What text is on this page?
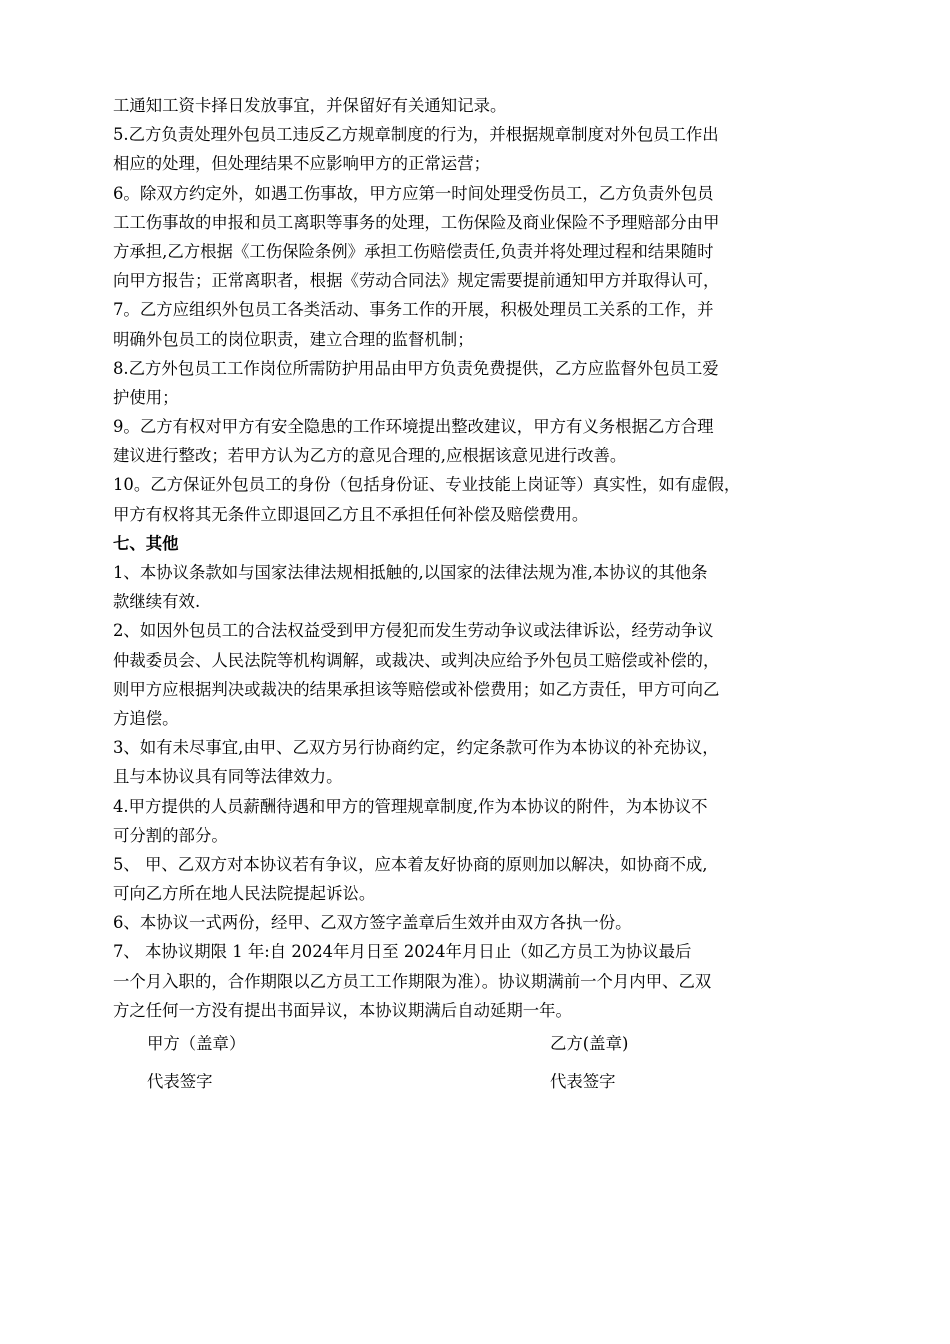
工通知工资卡择日发放事宜，并保留好有关通知记录。
5.乙方负责处理外包员工违反乙方规章制度的行为，并根据规章制度对外包员工作出
相应的处理，但处理结果不应影响甲方的正常运营；
6。除双方约定外，如遇工伤事故，甲方应第一时间处理受伤员工，乙方负责外包员
工工伤事故的申报和员工离职等事务的处理，工伤保险及商业保险不予理赔部分由甲
方承担,乙方根据《工伤保险条例》承担工伤赔偿责任,负责并将处理过程和结果随时
向甲方报告；正常离职者，根据《劳动合同法》规定需要提前通知甲方并取得认可，
7。乙方应组织外包员工各类活动、事务工作的开展，积极处理员工关系的工作，并
明确外包员工的岗位职责，建立合理的监督机制；
8.乙方外包员工工作岗位所需防护用品由甲方负责免费提供，乙方应监督外包员工爱
护使用；
9。乙方有权对甲方有安全隐患的工作环境提出整改建议，甲方有义务根据乙方合理
建议进行整改；若甲方认为乙方的意见合理的,应根据该意见进行改善。
10。乙方保证外包员工的身份（包括身份证、专业技能上岗证等）真实性，如有虚假，
甲方有权将其无条件立即退回乙方且不承担任何补偿及赔偿费用。
七、其他
1、本协议条款如与国家法律法规相抵触的,以国家的法律法规为准,本协议的其他条
款继续有效.
2、如因外包员工的合法权益受到甲方侵犯而发生劳动争议或法律诉讼，经劳动争议
仲裁委员会、人民法院等机构调解，或裁决、或判决应给予外包员工赔偿或补偿的，
则甲方应根据判决或裁决的结果承担该等赔偿或补偿费用；如乙方责任，甲方可向乙
方追偿。
3、如有未尽事宜,由甲、乙双方另行协商约定，约定条款可作为本协议的补充协议，
且与本协议具有同等法律效力。
4.甲方提供的人员薪酬待遇和甲方的管理规章制度,作为本协议的附件，为本协议不
可分割的部分。
5、 甲、乙双方对本协议若有争议，应本着友好协商的原则加以解决，如协商不成,
可向乙方所在地人民法院提起诉讼。
6、本协议一式两份，经甲、乙双方签字盖章后生效并由双方各执一份。
7、 本协议期限 1 年:自 2024年月日至 2024年月日止（如乙方员工为协议最后
一个月入职的，合作期限以乙方员工工作期限为准）。协议期满前一个月内甲、乙双
方之任何一方没有提出书面异议，本协议期满后自动延期一年。
甲方（盖章）	乙方(盖章)
代表签字	代表签字
